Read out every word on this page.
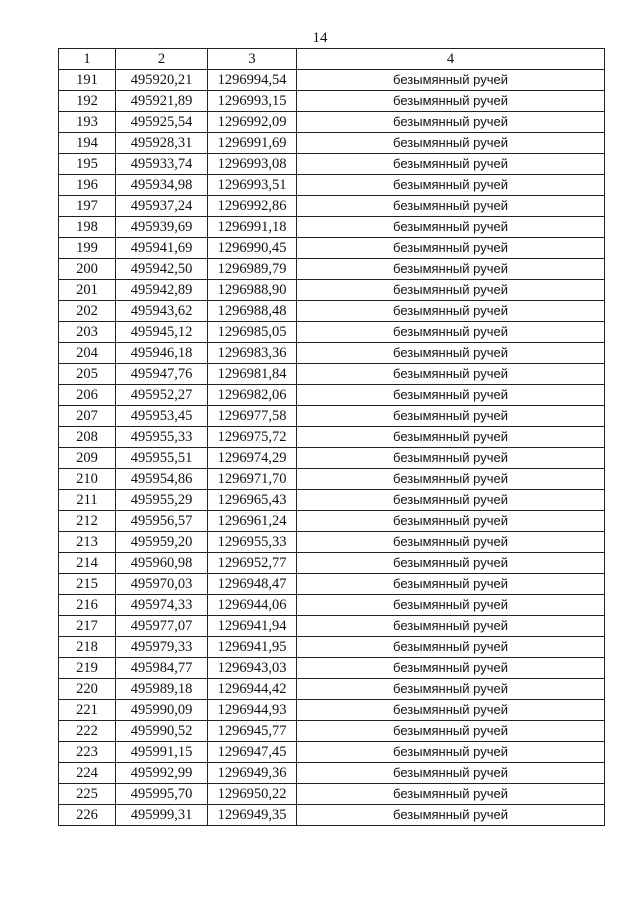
14
1	2	3	4
191	495920,21	1296994,54	безымянный ручей
192	495921,89	1296993,15	безымянный ручей
193	495925,54	1296992,09	безымянный ручей
194	495928,31	1296991,69	безымянный ручей
195	495933,74	1296993,08	безымянный ручей
196	495934,98	1296993,51	безымянный ручей
197	495937,24	1296992,86	безымянный ручей
198	495939,69	1296991,18	безымянный ручей
199	495941,69	1296990,45	безымянный ручей
200	495942,50	1296989,79	безымянный ручей
201	495942,89	1296988,90	безымянный ручей
202	495943,62	1296988,48	безымянный ручей
203	495945,12	1296985,05	безымянный ручей
204	495946,18	1296983,36	безымянный ручей
205	495947,76	1296981,84	безымянный ручей
206	495952,27	1296982,06	безымянный ручей
207	495953,45	1296977,58	безымянный ручей
208	495955,33	1296975,72	безымянный ручей
209	495955,51	1296974,29	безымянный ручей
210	495954,86	1296971,70	безымянный ручей
211	495955,29	1296965,43	безымянный ручей
212	495956,57	1296961,24	безымянный ручей
213	495959,20	1296955,33	безымянный ручей
214	495960,98	1296952,77	безымянный ручей
215	495970,03	1296948,47	безымянный ручей
216	495974,33	1296944,06	безымянный ручей
217	495977,07	1296941,94	безымянный ручей
218	495979,33	1296941,95	безымянный ручей
219	495984,77	1296943,03	безымянный ручей
220	495989,18	1296944,42	безымянный ручей
221	495990,09	1296944,93	безымянный ручей
222	495990,52	1296945,77	безымянный ручей
223	495991,15	1296947,45	безымянный ручей
224	495992,99	1296949,36	безымянный ручей
225	495995,70	1296950,22	безымянный ручей
226	495999,31	1296949,35	безымянный ручей
